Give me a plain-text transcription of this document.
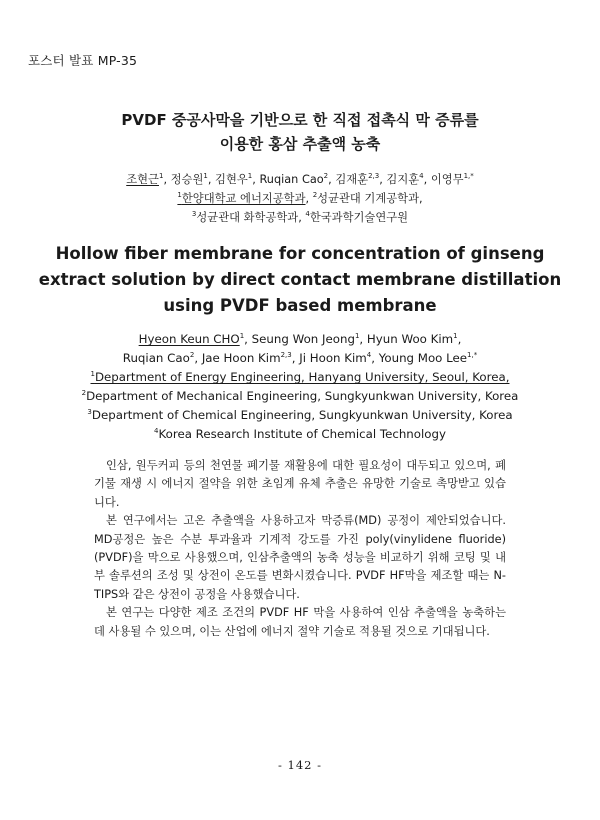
포스터 발표 MP-35
PVDF 중공사막을 기반으로 한 직접 접촉식 막 증류를
이용한 홍삼 추출액 농축
조현근$^1$, 정승원$^1$, 김현우$^1$, Ruqian Cao$^2$, 김재훈$^{2,3}$, 김지훈$^4$, 이영무$^{1,*}$
$^1$한양대학교 에너지공학과, $^2$성균관대 기계공학과,
$^3$성균관대 화학공학과, $^4$한국과학기술연구원
Hollow fiber membrane for concentration of ginseng
extract solution by direct contact membrane distillation
using PVDF based membrane
Hyeon Keun CHO$^1$, Seung Won Jeong$^1$, Hyun Woo Kim$^1$,
Ruqian Cao$^2$, Jae Hoon Kim$^{2,3}$, Ji Hoon Kim$^4$, Young Moo Lee$^{1,*}$
$^1$Department of Energy Engineering, Hanyang University, Seoul, Korea,
$^2$Department of Mechanical Engineering, Sungkyunkwan University, Korea
$^3$Department of Chemical Engineering, Sungkyunkwan University, Korea
$^4$Korea Research Institute of Chemical Technology

인삼, 원두커피 등의 천연물 폐기물 재활용에 대한 필요성이 대두되고 있으며, 폐기물 재생 시 에너지 절약을 위한 초임계 유체 추출은 유망한 기술로 촉망받고 있습니다.

본 연구에서는 고온 추출액을 사용하고자 막증류(MD) 공정이 제안되었습니다. MD공정은 높은 수분 투과율과 기계적 강도를 가진 poly(vinylidene fluoride)(PVDF)을 막으로 사용했으며, 인삼추출액의 농축 성능을 비교하기 위해 코팅 및 내부 솔루션의 조성 및 상전이 온도를 변화시켰습니다. PVDF HF막을 제조할 때는 N-TIPS와 같은 상전이 공정을 사용했습니다.

본 연구는 다양한 제조 조건의 PVDF HF 막을 사용하여 인삼 추출액을 농축하는 데 사용될 수 있으며, 이는 산업에 에너지 절약 기술로 적용될 것으로 기대됩니다.

- 142 -
